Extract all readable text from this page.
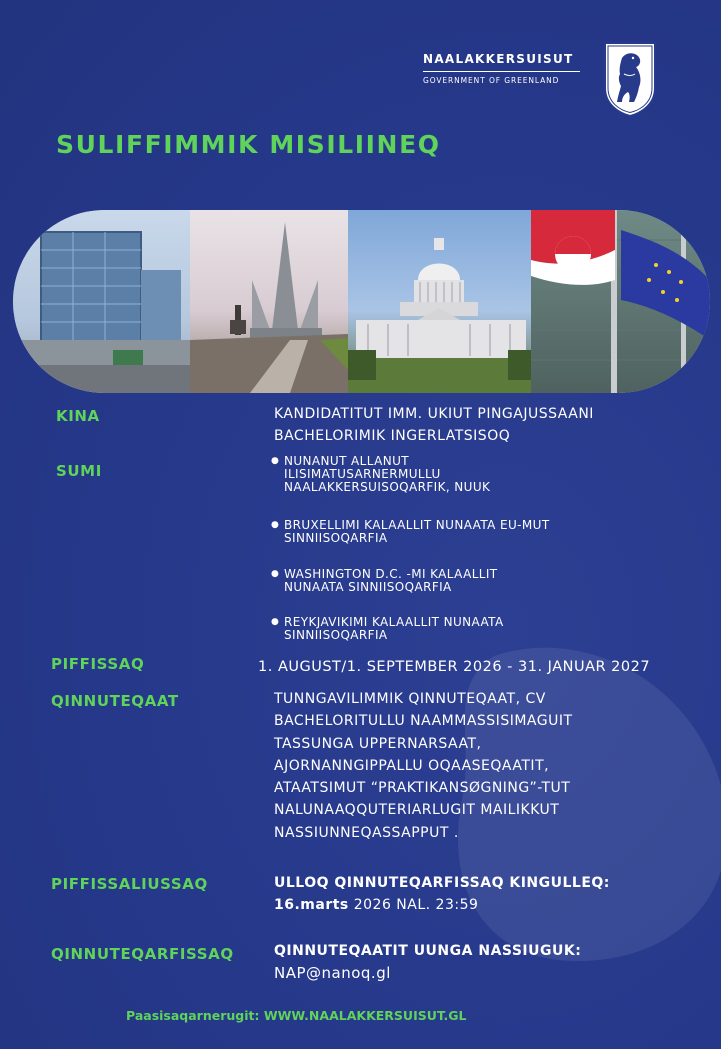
NAALAKKERSUISUT
GOVERNMENT OF GREENLAND
SULIFFIMMIK MISILIINEQ
KINA	KANDIDATITUT IMM. UKIUT PINGAJUSSAANI
BACHELORIMIK INGERLATSISOQ
SUMI
● NUNANUT ALLANUT
ILISIMATUSARNERMULLU
NAALAKKERSUISOQARFIK, NUUK
● BRUXELLIMI KALAALLIT NUNAATA EU-MUT
SINNIISOQARFIA
● WASHINGTON D.C. -MI KALAALLIT
NUNAATA SINNIISOQARFIA
● REYKJAVIKIMI KALAALLIT NUNAATA
SINNIISOQARFIA
PIFFISSAQ	1. AUGUST/1. SEPTEMBER 2026 - 31. JANUAR 2027
QINNUTEQAAT	TUNNGAVILIMMIK QINNUTEQAAT, CV
BACHELORITULLU NAAMMASSISIMAGUIT
TASSUNGA UPPERNARSAAT,
AJORNANNGIPPALLU OQAASEQAATIT,
ATAATSIMUT “PRAKTIKANSØGNING”-TUT
NALUNAAQQUTERIARLUGIT MAILIKKUT
NASSIUNNEQASSAPPUT .
PIFFISSALIUSSAQ	ULLOQ QINNUTEQARFISSAQ KINGULLEQ:
16.marts 2026 NAL. 23:59
QINNUTEQARFISSAQ	QINNUTEQAATIT UUNGA NASSIUGUK:
NAP@nanoq.gl
Paasisaqarnerugit: WWW.NAALAKKERSUISUT.GL
